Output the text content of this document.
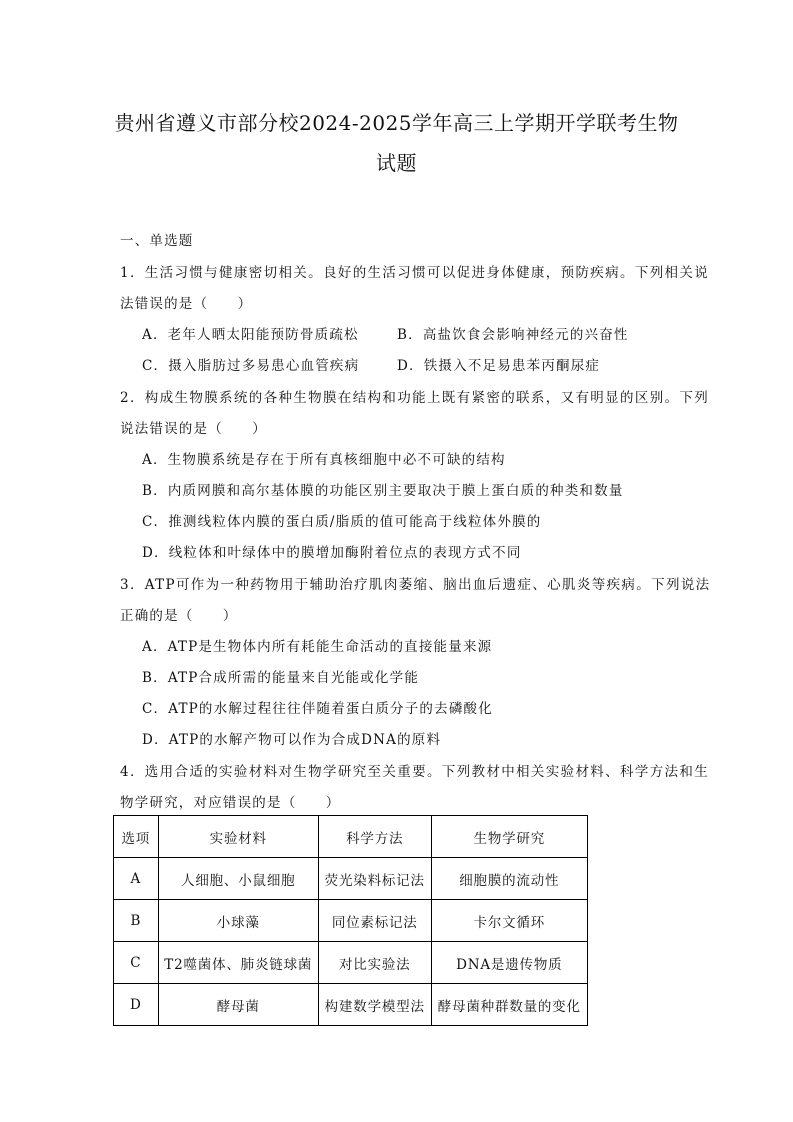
贵州省遵义市部分校2024-2025学年高三上学期开学联考生物试题
一、单选题
1．生活习惯与健康密切相关。良好的生活习惯可以促进身体健康，预防疾病。下列相关说
法错误的是（　　）
A．老年人晒太阳能预防骨质疏松	B．高盐饮食会影响神经元的兴奋性
C．摄入脂肪过多易患心血管疾病	D．铁摄入不足易患苯丙酮尿症
2．构成生物膜系统的各种生物膜在结构和功能上既有紧密的联系，又有明显的区别。下列
说法错误的是（　　）
A．生物膜系统是存在于所有真核细胞中必不可缺的结构
B．内质网膜和高尔基体膜的功能区别主要取决于膜上蛋白质的种类和数量
C．推测线粒体内膜的蛋白质/脂质的值可能高于线粒体外膜的
D．线粒体和叶绿体中的膜增加酶附着位点的表现方式不同
3．ATP可作为一种药物用于辅助治疗肌肉萎缩、脑出血后遗症、心肌炎等疾病。下列说法
正确的是（　　）
A．ATP是生物体内所有耗能生命活动的直接能量来源
B．ATP合成所需的能量来自光能或化学能
C．ATP的水解过程往往伴随着蛋白质分子的去磷酸化
D．ATP的水解产物可以作为合成DNA的原料
4．选用合适的实验材料对生物学研究至关重要。下列教材中相关实验材料、科学方法和生
物学研究，对应错误的是（　　）
选项	实验材料	科学方法	生物学研究
A	人细胞、小鼠细胞	荧光染料标记法	细胞膜的流动性
B	小球藻	同位素标记法	卡尔文循环
C	T2噬菌体、肺炎链球菌	对比实验法	DNA是遗传物质
D	酵母菌	构建数学模型法	酵母菌种群数量的变化
